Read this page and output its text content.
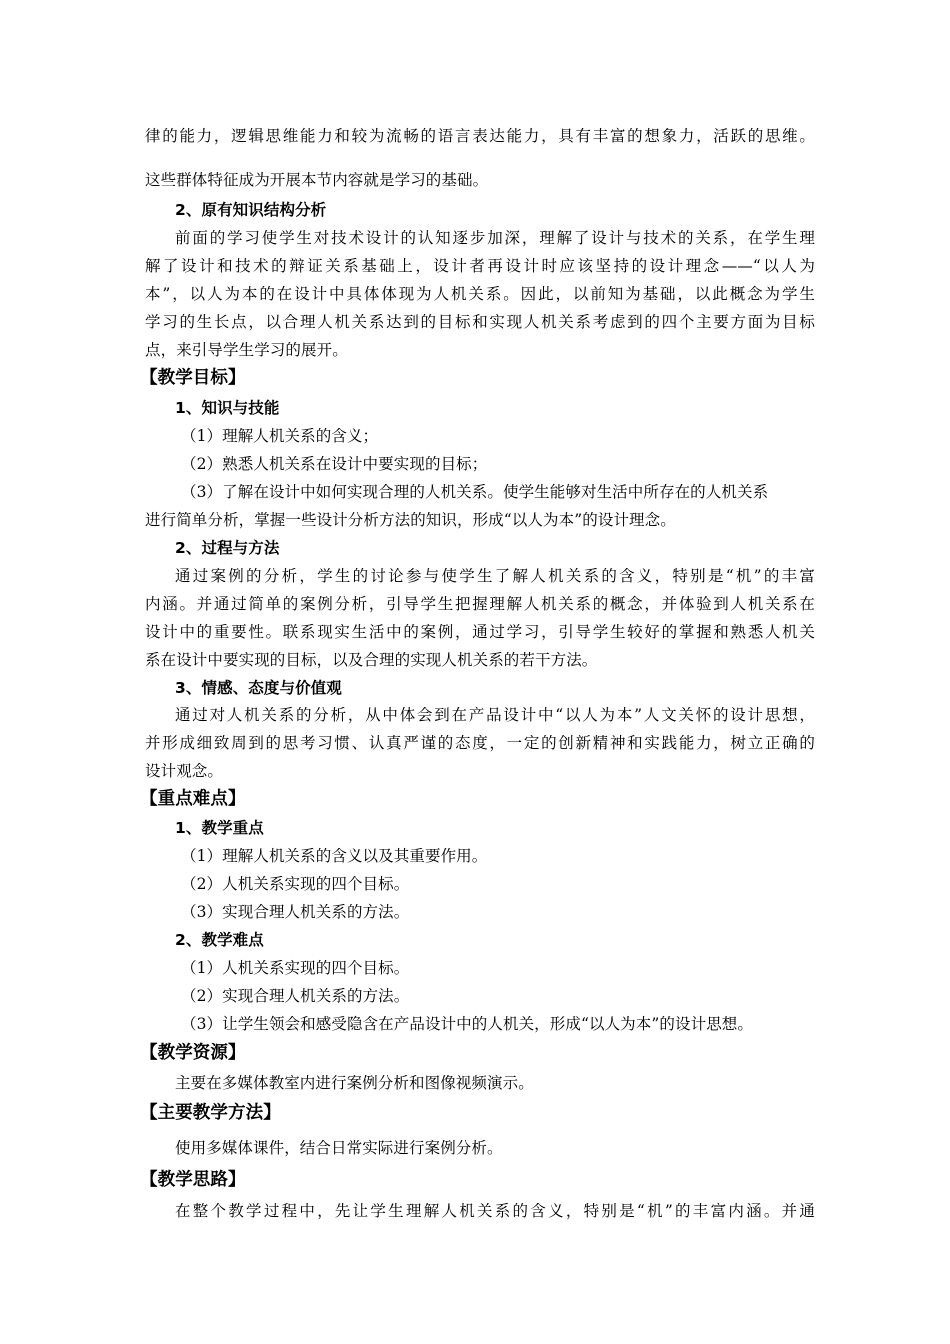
律的能力，逻辑思维能力和较为流畅的语言表达能力，具有丰富的想象力，活跃的思维。
这些群体特征成为开展本节内容就是学习的基础。
2、原有知识结构分析
前面的学习使学生对技术设计的认知逐步加深，理解了设计与技术的关系，在学生理
解了设计和技术的辩证关系基础上，设计者再设计时应该坚持的设计理念——“以人为
本”，以人为本的在设计中具体体现为人机关系。因此，以前知为基础，以此概念为学生
学习的生长点，以合理人机关系达到的目标和实现人机关系考虑到的四个主要方面为目标
点，来引导学生学习的展开。
【教学目标】
1、知识与技能
（1）理解人机关系的含义；
（2）熟悉人机关系在设计中要实现的目标；
（3）了解在设计中如何实现合理的人机关系。使学生能够对生活中所存在的人机关系
进行简单分析，掌握一些设计分析方法的知识，形成“以人为本”的设计理念。
2、过程与方法
通过案例的分析，学生的讨论参与使学生了解人机关系的含义，特别是“机”的丰富
内涵。并通过简单的案例分析，引导学生把握理解人机关系的概念，并体验到人机关系在
设计中的重要性。联系现实生活中的案例，通过学习，引导学生较好的掌握和熟悉人机关
系在设计中要实现的目标，以及合理的实现人机关系的若干方法。
3、情感、态度与价值观
通过对人机关系的分析，从中体会到在产品设计中“以人为本”人文关怀的设计思想，
并形成细致周到的思考习惯、认真严谨的态度，一定的创新精神和实践能力，树立正确的
设计观念。
【重点难点】
1、教学重点
（1）理解人机关系的含义以及其重要作用。
（2）人机关系实现的四个目标。
（3）实现合理人机关系的方法。
2、教学难点
（1）人机关系实现的四个目标。
（2）实现合理人机关系的方法。
（3）让学生领会和感受隐含在产品设计中的人机关，形成“以人为本”的设计思想。
【教学资源】
主要在多媒体教室内进行案例分析和图像视频演示。
【主要教学方法】
使用多媒体课件，结合日常实际进行案例分析。
【教学思路】
在整个教学过程中，先让学生理解人机关系的含义，特别是“机”的丰富内涵。并通
